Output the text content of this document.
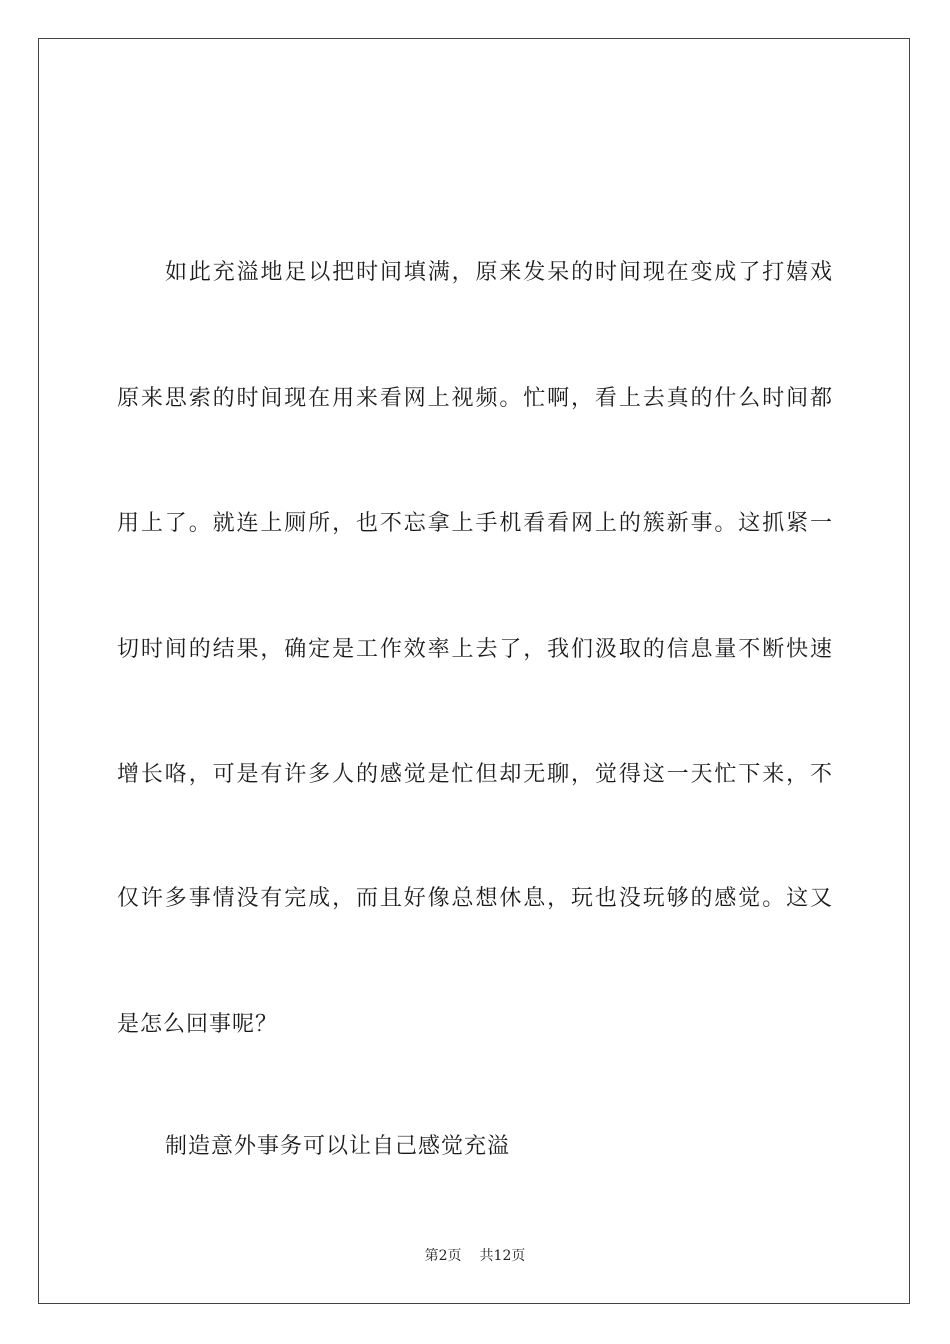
如此充溢地足以把时间填满，原来发呆的时间现在变成了打嬉戏
原来思索的时间现在用来看网上视频。忙啊，看上去真的什么时间都
用上了。就连上厕所，也不忘拿上手机看看网上的簇新事。这抓紧一
切时间的结果，确定是工作效率上去了，我们汲取的信息量不断快速
增长咯，可是有许多人的感觉是忙但却无聊，觉得这一天忙下来，不
仅许多事情没有完成，而且好像总想休息，玩也没玩够的感觉。这又
是怎么回事呢？
制造意外事务可以让自己感觉充溢
第2页 共12页
